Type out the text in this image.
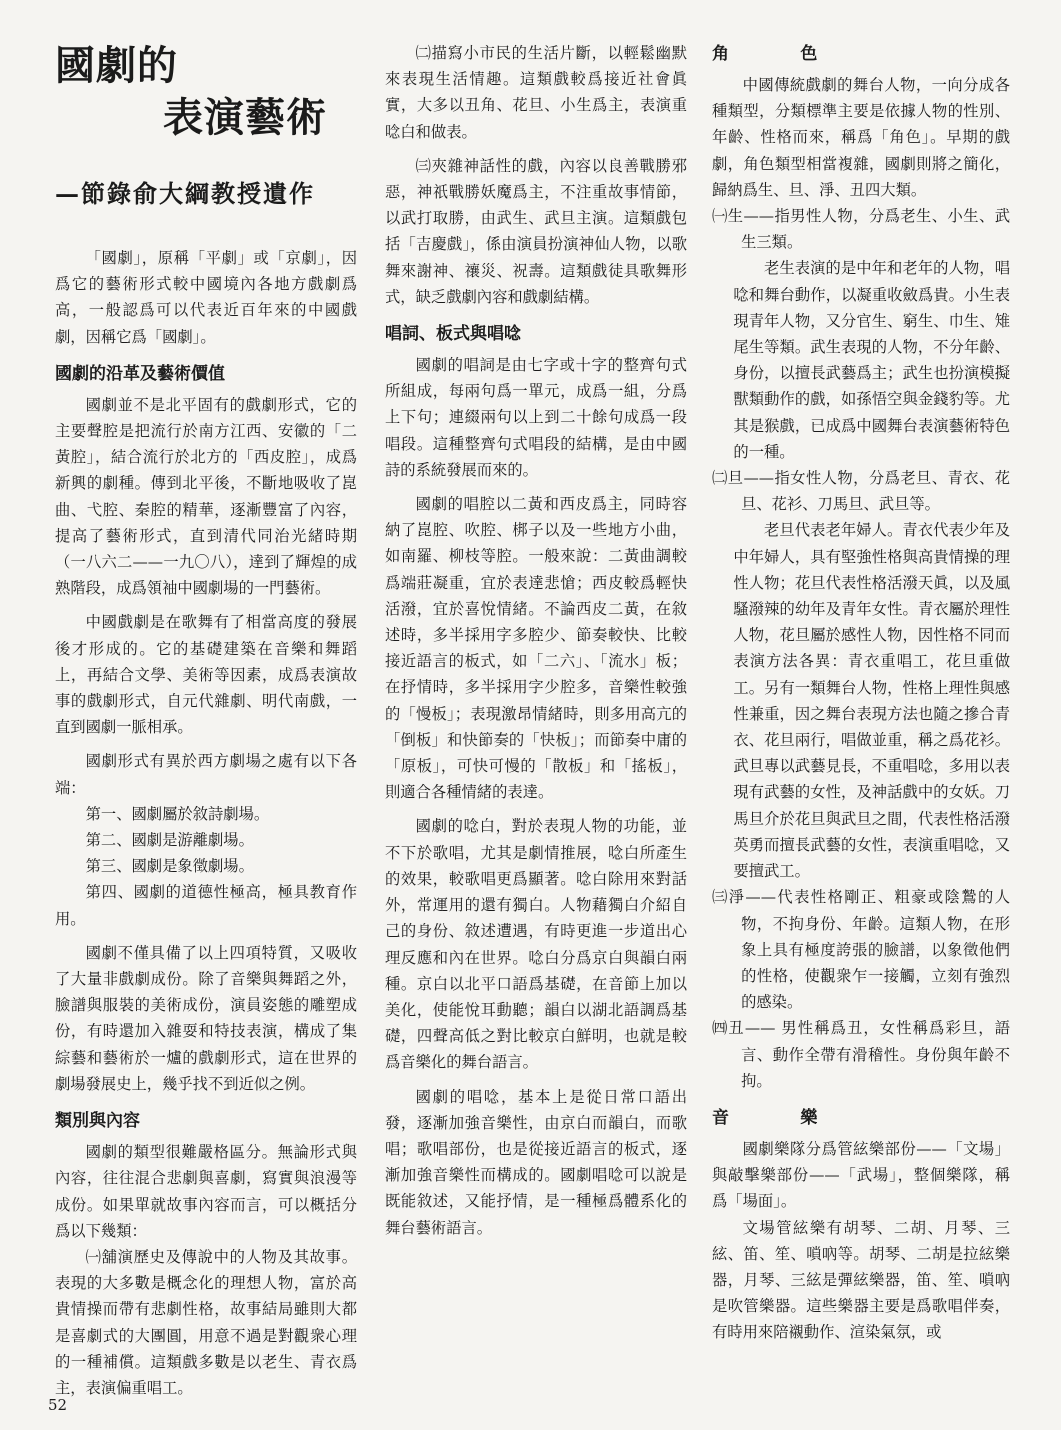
國劇的
表演藝術
—節錄俞大綱教授遺作

「國劇」，原稱「平劇」或「京劇」，因爲它的藝術形式較中國境內各地方戲劇爲高，一般認爲可以代表近百年來的中國戲劇，因稱它爲「國劇」。

國劇的沿革及藝術價值

國劇並不是北平固有的戲劇形式，它的主要聲腔是把流行於南方江西、安徽的「二黃腔」，結合流行於北方的「西皮腔」，成爲新興的劇種。傳到北平後，不斷地吸收了崑曲、弋腔、秦腔的精華，逐漸豐富了內容，提高了藝術形式，直到清代同治光緒時期（一八六二——一九〇八），達到了輝煌的成熟階段，成爲領袖中國劇場的一門藝術。

中國戲劇是在歌舞有了相當高度的發展後才形成的。它的基礎建築在音樂和舞蹈上，再結合文學、美術等因素，成爲表演故事的戲劇形式，自元代雜劇、明代南戲，一直到國劇一脈相承。

國劇形式有異於西方劇場之處有以下各端：

第一、國劇屬於敘詩劇場。

第二、國劇是游離劇場。

第三、國劇是象徵劇場。

第四、國劇的道德性極高，極具教育作用。

國劇不僅具備了以上四項特質，又吸收了大量非戲劇成份。除了音樂與舞蹈之外，臉譜與服裝的美術成份，演員姿態的雕塑成份，有時還加入雜耍和特技表演，構成了集綜藝和藝術於一爐的戲劇形式，這在世界的劇場發展史上，幾乎找不到近似之例。

類別與內容

國劇的類型很難嚴格區分。無論形式與內容，往往混合悲劇與喜劇，寫實與浪漫等成份。如果單就故事內容而言，可以概括分爲以下幾類：

㈠舖演歷史及傳說中的人物及其故事。表現的大多數是概念化的理想人物，富於高貴情操而帶有悲劇性格，故事結局雖則大都是喜劇式的大團圓，用意不過是對觀衆心理的一種補償。這類戲多數是以老生、青衣爲主，表演偏重唱工。

㈡描寫小市民的生活片斷，以輕鬆幽默來表現生活情趣。這類戲較爲接近社會眞實，大多以丑角、花旦、小生爲主，表演重唸白和做表。

㈢夾雜神話性的戲，內容以良善戰勝邪惡，神祇戰勝妖魔爲主，不注重故事情節，以武打取勝，由武生、武旦主演。這類戲包括「吉慶戲」，係由演員扮演神仙人物，以歌舞來謝神、禳災、祝壽。這類戲徒具歌舞形式，缺乏戲劇內容和戲劇結構。

唱詞、板式與唱唸

國劇的唱詞是由七字或十字的整齊句式所組成，每兩句爲一單元，成爲一組，分爲上下句；連綴兩句以上到二十餘句成爲一段唱段。這種整齊句式唱段的結構，是由中國詩的系統發展而來的。

國劇的唱腔以二黃和西皮爲主，同時容納了崑腔、吹腔、梆子以及一些地方小曲，如南羅、柳枝等腔。一般來說：二黃曲調較爲端莊凝重，宜於表達悲愴；西皮較爲輕快活潑，宜於喜悅情緒。不論西皮二黃，在敘述時，多半採用字多腔少、節奏較快、比較接近語言的板式，如「二六」、「流水」板；在抒情時，多半採用字少腔多，音樂性較強的「慢板」；表現激昂情緒時，則多用高亢的「倒板」和快節奏的「快板」；而節奏中庸的「原板」，可快可慢的「散板」和「搖板」，則適合各種情緒的表達。

國劇的唸白，對於表現人物的功能，並不下於歌唱，尤其是劇情推展，唸白所產生的效果，較歌唱更爲顯著。唸白除用來對話外，常運用的還有獨白。人物藉獨白介紹自己的身份、敘述遭遇，有時更進一步道出心理反應和內在世界。唸白分爲京白與韻白兩種。京白以北平口語爲基礎，在音節上加以美化，使能悅耳動聽；韻白以湖北語調爲基礎，四聲高低之對比較京白鮮明，也就是較爲音樂化的舞台語言。

國劇的唱唸，基本上是從日常口語出發，逐漸加強音樂性，由京白而韻白，而歌唱；歌唱部份，也是從接近語言的板式，逐漸加強音樂性而構成的。國劇唱唸可以說是既能敘述，又能抒情，是一種極爲體系化的舞台藝術語言。

角　色

中國傳統戲劇的舞台人物，一向分成各種類型，分類標準主要是依據人物的性別、年齡、性格而來，稱爲「角色」。早期的戲劇，角色類型相當複雜，國劇則將之簡化，歸納爲生、旦、淨、丑四大類。

㈠生——指男性人物，分爲老生、小生、武生三類。

老生表演的是中年和老年的人物，唱唸和舞台動作，以凝重收斂爲貴。小生表現青年人物，又分官生、窮生、巾生、雉尾生等類。武生表現的人物，不分年齡、身份，以擅長武藝爲主；武生也扮演模擬獸類動作的戲，如孫悟空與金錢豹等。尤其是猴戲，已成爲中國舞台表演藝術特色的一種。

㈡旦——指女性人物，分爲老旦、青衣、花旦、花衫、刀馬旦、武旦等。

老旦代表老年婦人。青衣代表少年及中年婦人，具有堅強性格與高貴情操的理性人物；花旦代表性格活潑天眞，以及風騷潑辣的幼年及青年女性。青衣屬於理性人物，花旦屬於感性人物，因性格不同而表演方法各異：青衣重唱工，花旦重做工。另有一類舞台人物，性格上理性與感性兼重，因之舞台表現方法也隨之摻合青衣、花旦兩行，唱做並重，稱之爲花衫。武旦專以武藝見長，不重唱唸，多用以表現有武藝的女性，及神話戲中的女妖。刀馬旦介於花旦與武旦之間，代表性格活潑英勇而擅長武藝的女性，表演重唱唸，又要擅武工。

㈢淨——代表性格剛正、粗豪或陰鷙的人物，不拘身份、年齡。這類人物，在形象上具有極度誇張的臉譜，以象徵他們的性格，使觀衆乍一接觸，立刻有強烈的感染。

㈣丑—— 男性稱爲丑，女性稱爲彩旦，語言、動作全帶有滑稽性。身份與年齡不拘。

音　樂

國劇樂隊分爲管絃樂部份——「文場」與敲擊樂部份——「武場」，整個樂隊，稱爲「場面」。

文場管絃樂有胡琴、二胡、月琴、三絃、笛、笙、嗩吶等。胡琴、二胡是拉絃樂器，月琴、三絃是彈絃樂器，笛、笙、嗩吶是吹管樂器。這些樂器主要是爲歌唱伴奏，有時用來陪襯動作、渲染氣氛，或

52
